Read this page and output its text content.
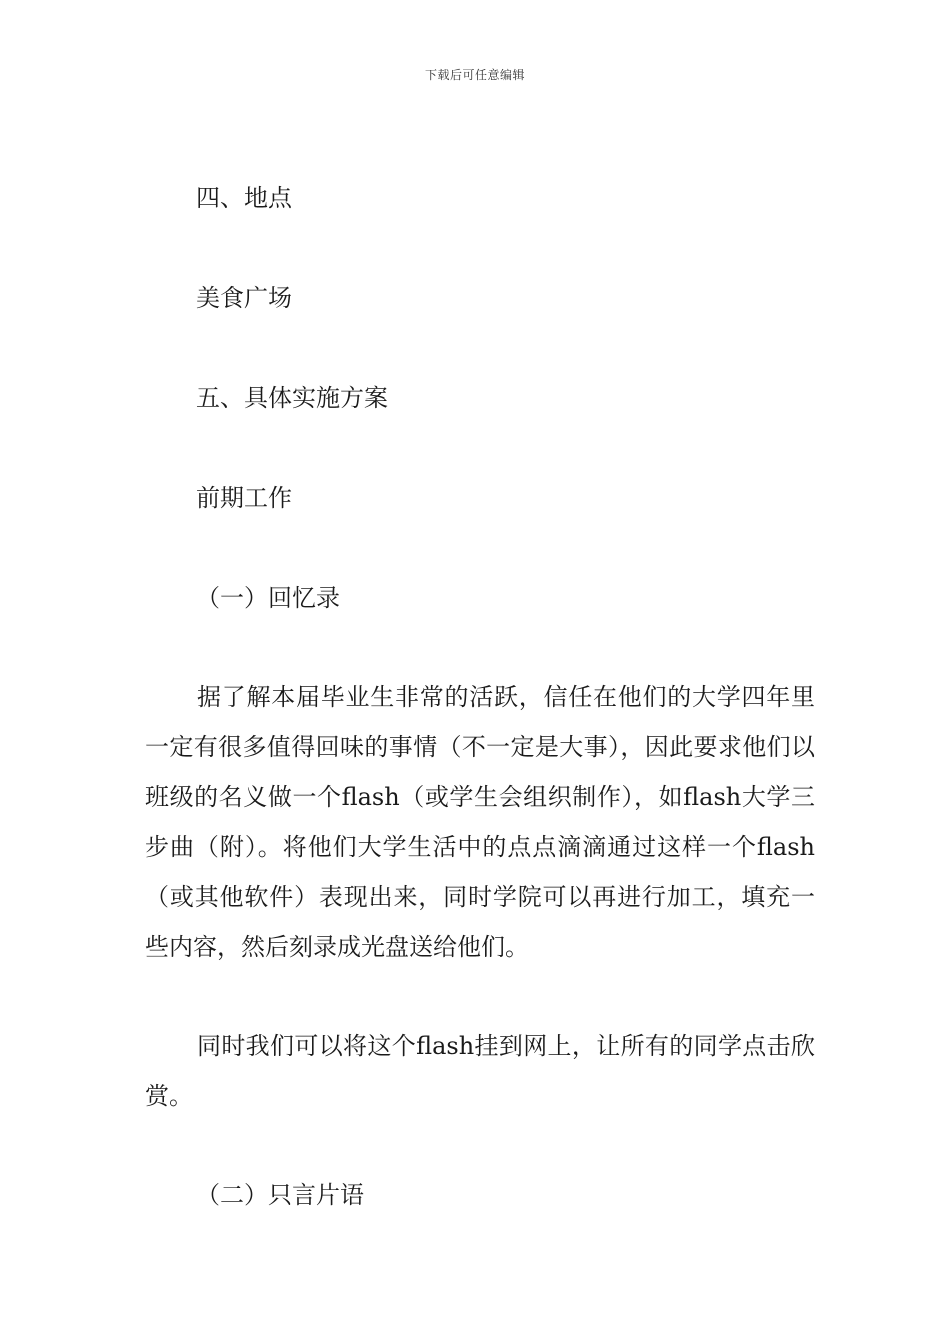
下载后可任意编辑
四、地点
美食广场
五、具体实施方案
前期工作
（一）回忆录
据了解本届毕业生非常的活跃，信任在他们的大学四年里一定有很多值得回味的事情（不一定是大事），因此要求他们以班级的名义做一个flash（或学生会组织制作），如flash大学三步曲（附）。将他们大学生活中的点点滴滴通过这样一个flash（或其他软件）表现出来，同时学院可以再进行加工，填充一些内容，然后刻录成光盘送给他们。
同时我们可以将这个flash挂到网上，让所有的同学点击欣赏。
（二）只言片语
